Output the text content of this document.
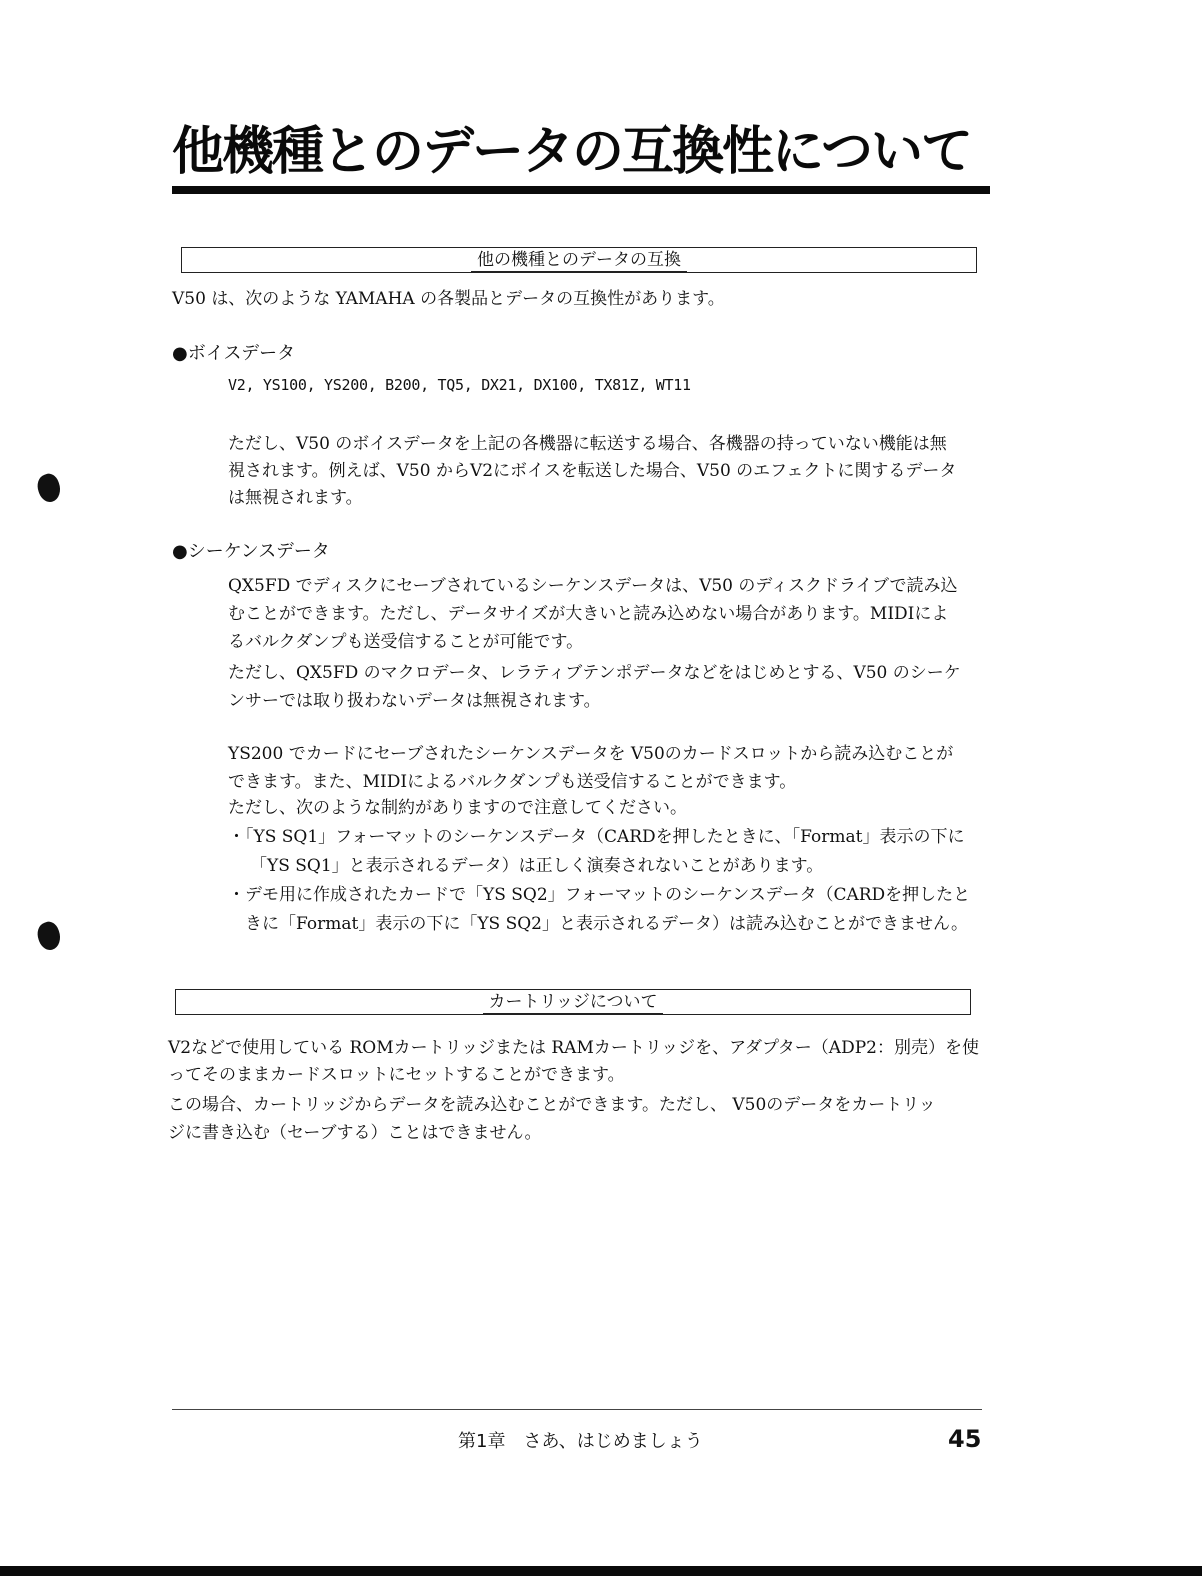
他機種とのデータの互換性について
他の機種とのデータの互換

V50 は、次のような YAMAHA の各製品とデータの互換性があります。

●ボイスデータ

V2, YS100, YS200, B200, TQ5, DX21, DX100, TX81Z, WT11

ただし、V50 のボイスデータを上記の各機器に転送する場合、各機器の持っていない機能は無

視されます。例えば、V50 からV2にボイスを転送した場合、V50 のエフェクトに関するデータ

は無視されます。

●シーケンスデータ

QX5FD でディスクにセーブされているシーケンスデータは、V50 のディスクドライブで読み込

むことができます。ただし、データサイズが大きいと読み込めない場合があります。MIDIによ

るバルクダンプも送受信することが可能です。

ただし、QX5FD のマクロデータ、レラティブテンポデータなどをはじめとする、V50 のシーケ

ンサーでは取り扱わないデータは無視されます。

YS200 でカードにセーブされたシーケンスデータを V50のカードスロットから読み込むことが

できます。また、MIDIによるバルクダンプも送受信することができます。

ただし、次のような制約がありますので注意してください。

・「YS SQ1」フォーマットのシーケンスデータ（CARDを押したときに、「Format」表示の下に

「YS SQ1」と表示されるデータ）は正しく演奏されないことがあります。

・デモ用に作成されたカードで「YS SQ2」フォーマットのシーケンスデータ（CARDを押したと

きに「Format」表示の下に「YS SQ2」と表示されるデータ）は読み込むことができません。

カートリッジについて

V2などで使用している ROMカートリッジまたは RAMカートリッジを、アダプター（ADP2：別売）を使

ってそのままカードスロットにセットすることができます。

この場合、カートリッジからデータを読み込むことができます。ただし、 V50のデータをカートリッ

ジに書き込む（セーブする）ことはできません。

第1章　さあ、はじめましょう	45
